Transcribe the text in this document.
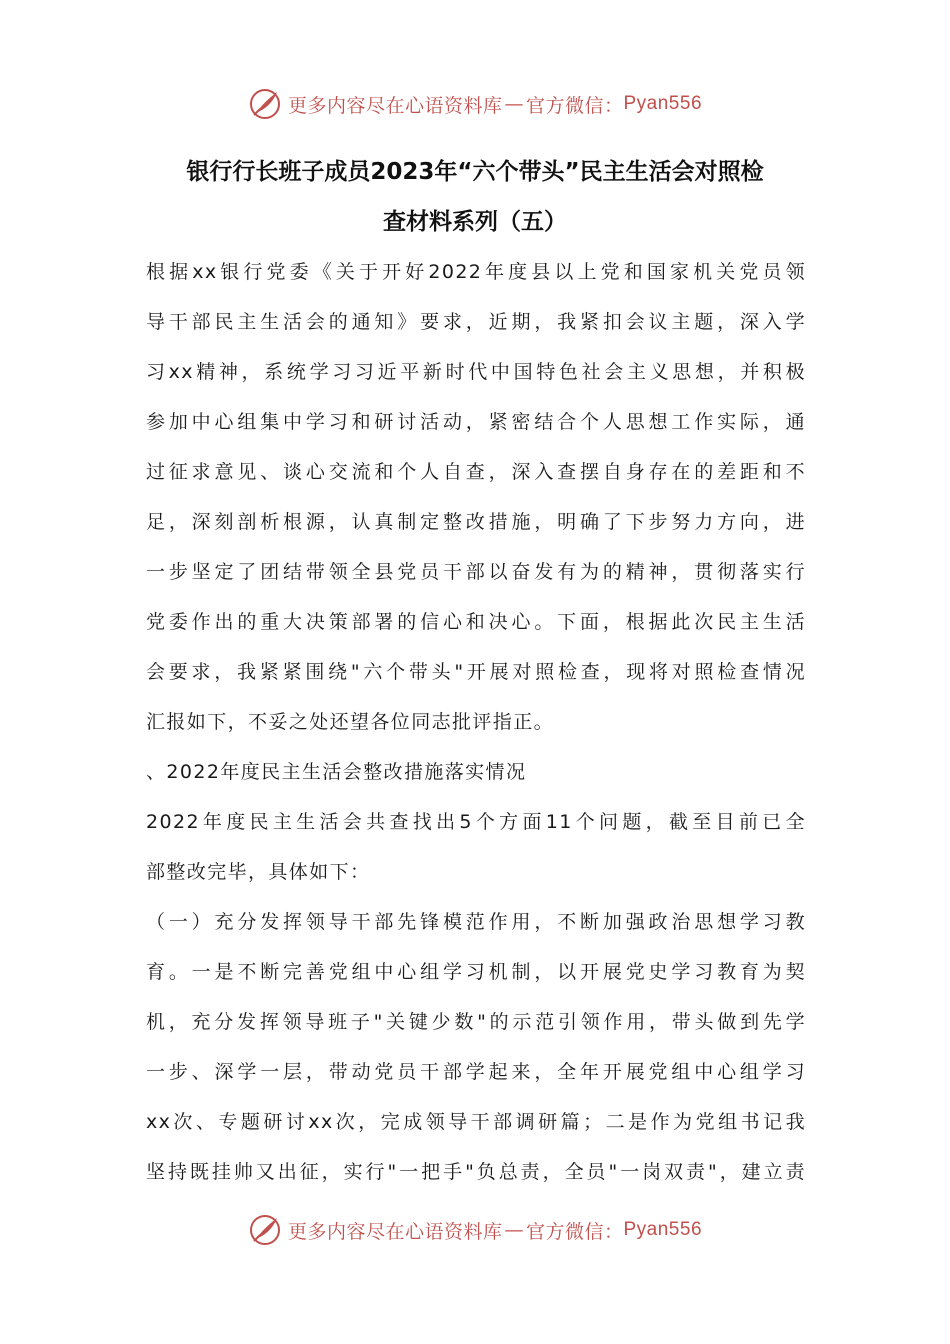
更多内容尽在心语资料库 — 官方微信： Pyan556
银行行长班子成员2023年“六个带头”民主生活会对照检
查材料系列（五）
根据xx银行党委《关于开好2022年度县以上党和国家机关党员领
导干部民主生活会的通知》要求，近期，我紧扣会议主题，深入学
习xx精神，系统学习习近平新时代中国特色社会主义思想，并积极
参加中心组集中学习和研讨活动，紧密结合个人思想工作实际，通
过征求意见、谈心交流和个人自查，深入查摆自身存在的差距和不
足，深刻剖析根源，认真制定整改措施，明确了下步努力方向，进
一步坚定了团结带领全县党员干部以奋发有为的精神，贯彻落实行
党委作出的重大决策部署的信心和决心。下面，根据此次民主生活
会要求，我紧紧围绕"六个带头"开展对照检查，现将对照检查情况
汇报如下，不妥之处还望各位同志批评指正。
、2022年度民主生活会整改措施落实情况
2022年度民主生活会共查找出5个方面11个问题，截至目前已全
部整改完毕，具体如下：
（一）充分发挥领导干部先锋模范作用，不断加强政治思想学习教
育。一是不断完善党组中心组学习机制，以开展党史学习教育为契
机，充分发挥领导班子"关键少数"的示范引领作用，带头做到先学
一步、深学一层，带动党员干部学起来，全年开展党组中心组学习
xx次、专题研讨xx次，完成领导干部调研篇；二是作为党组书记我
坚持既挂帅又出征，实行"一把手"负总责，全员"一岗双责"，建立责
更多内容尽在心语资料库 — 官方微信： Pyan556
